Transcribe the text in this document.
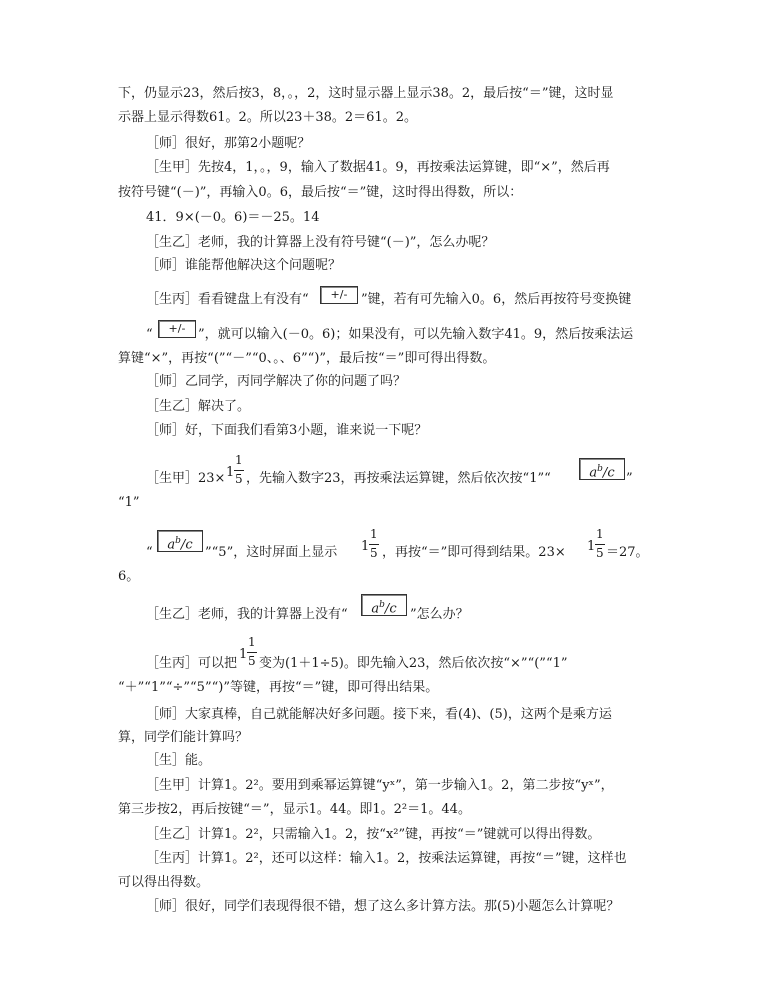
下，仍显示23，然后按3，8，。，2，这时显示器上显示38。2，最后按“＝”键，这时显
示器上显示得数61。2。所以23＋38。2＝61。2。
［师］很好，那第2小题呢？
［生甲］先按4，1，。，9，输入了数据41。9，再按乘法运算键，即“×”，然后再
按符号键“(－)”，再输入0。6，最后按“＝”键，这时得出得数，所以：
41．9×(－0。6)＝－25。14
［生乙］老师，我的计算器上没有符号键“(－)”，怎么办呢？
［师］谁能帮他解决这个问题呢？
［生丙］看看键盘上有没有“	+/-	”键，若有可先输入0。6，然后再按符号变换键
“	+/- ”，就可以输入(－0。6)；如果没有，可以先输入数字41。9，然后按乘法运
算键“×”，再按“(”“－”“0、。、6”“)”，最后按“＝”即可得出得数。
［师］乙同学，丙同学解决了你的问题了吗？
［生乙］解决了。
［师］好，下面我们看第3小题，谁来说一下呢？
［生甲］23× 1
1
5 ，先输入数字23，再按乘法运算键，然后依次按“1”“	$a^b/c$ ”
“1”
“
$a^b/c$
”“5”，这时屏面上显示 1
1
5 ，再按“＝”即可得到结果。23× 1
1
5 ＝27。
6。
［生乙］老师，我的计算器上没有“	$a^b/c$	”怎么办？
［生丙］可以把
1
1
5 变为(1＋1÷5)。即先输入23，然后依次按“×”“(”“1”
“＋”“1”“÷”“5”“)”等键，再按“＝”键，即可得出结果。
［师］大家真棒，自己就能解决好多问题。接下来，看(4)、(5)，这两个是乘方运
算，同学们能计算吗？
［生］能。
［生甲］计算1。2²。要用到乘幂运算键“yˣ”，第一步输入1。2，第二步按“yˣ”，
第三步按2，再后按键“＝”，显示1。44。即1。2²＝1。44。
［生乙］计算1。2²，只需输入1。2，按“x²”键，再按“＝”键就可以得出得数。
［生丙］计算1。2²，还可以这样：输入1。2，按乘法运算键，再按“＝”键，这样也
可以得出得数。
［师］很好，同学们表现得很不错，想了这么多计算方法。那(5)小题怎么计算呢？
